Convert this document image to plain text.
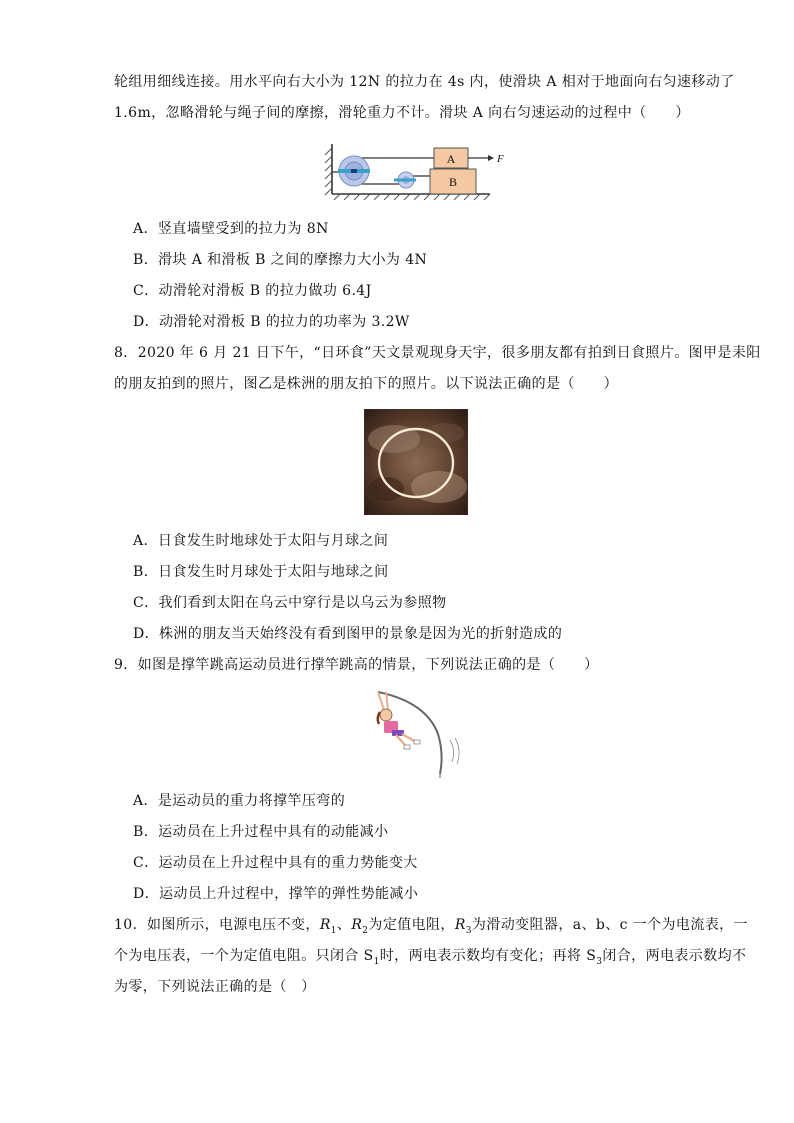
轮组用细线连接。用水平向右大小为 12N 的拉力在 4s 内，使滑块 A 相对于地面向右匀速移动了
1.6m，忽略滑轮与绳子间的摩擦，滑轮重力不计。滑块 A 向右匀速运动的过程中（　　）
A
B
F
A．竖直墙壁受到的拉力为 8N
B．滑块 A 和滑板 B 之间的摩擦力大小为 4N
C．动滑轮对滑板 B 的拉力做功 6.4J
D．动滑轮对滑板 B 的拉力的功率为 3.2W
8．2020 年 6 月 21 日下午，“日环食”天文景观现身天宇，很多朋友都有拍到日食照片。图甲是耒阳
的朋友拍到的照片，图乙是株洲的朋友拍下的照片。以下说法正确的是（　　）
A．日食发生时地球处于太阳与月球之间
B．日食发生时月球处于太阳与地球之间
C．我们看到太阳在乌云中穿行是以乌云为参照物
D．株洲的朋友当天始终没有看到图甲的景象是因为光的折射造成的
9．如图是撑竿跳高运动员进行撑竿跳高的情景，下列说法正确的是（　　）
A．是运动员的重力将撑竿压弯的
B．运动员在上升过程中具有的动能减小
C．运动员在上升过程中具有的重力势能变大
D．运动员上升过程中，撑竿的弹性势能减小
10．如图所示，电源电压不变，$R_1$、$R_2$为定值电阻，$R_3$为滑动变阻器，a、b、c 一个为电流表，一
个为电压表，一个为定值电阻。只闭合 $S_1$时，两电表示数均有变化；再将 $S_3$闭合，两电表示数均不
为零，下列说法正确的是（　）
